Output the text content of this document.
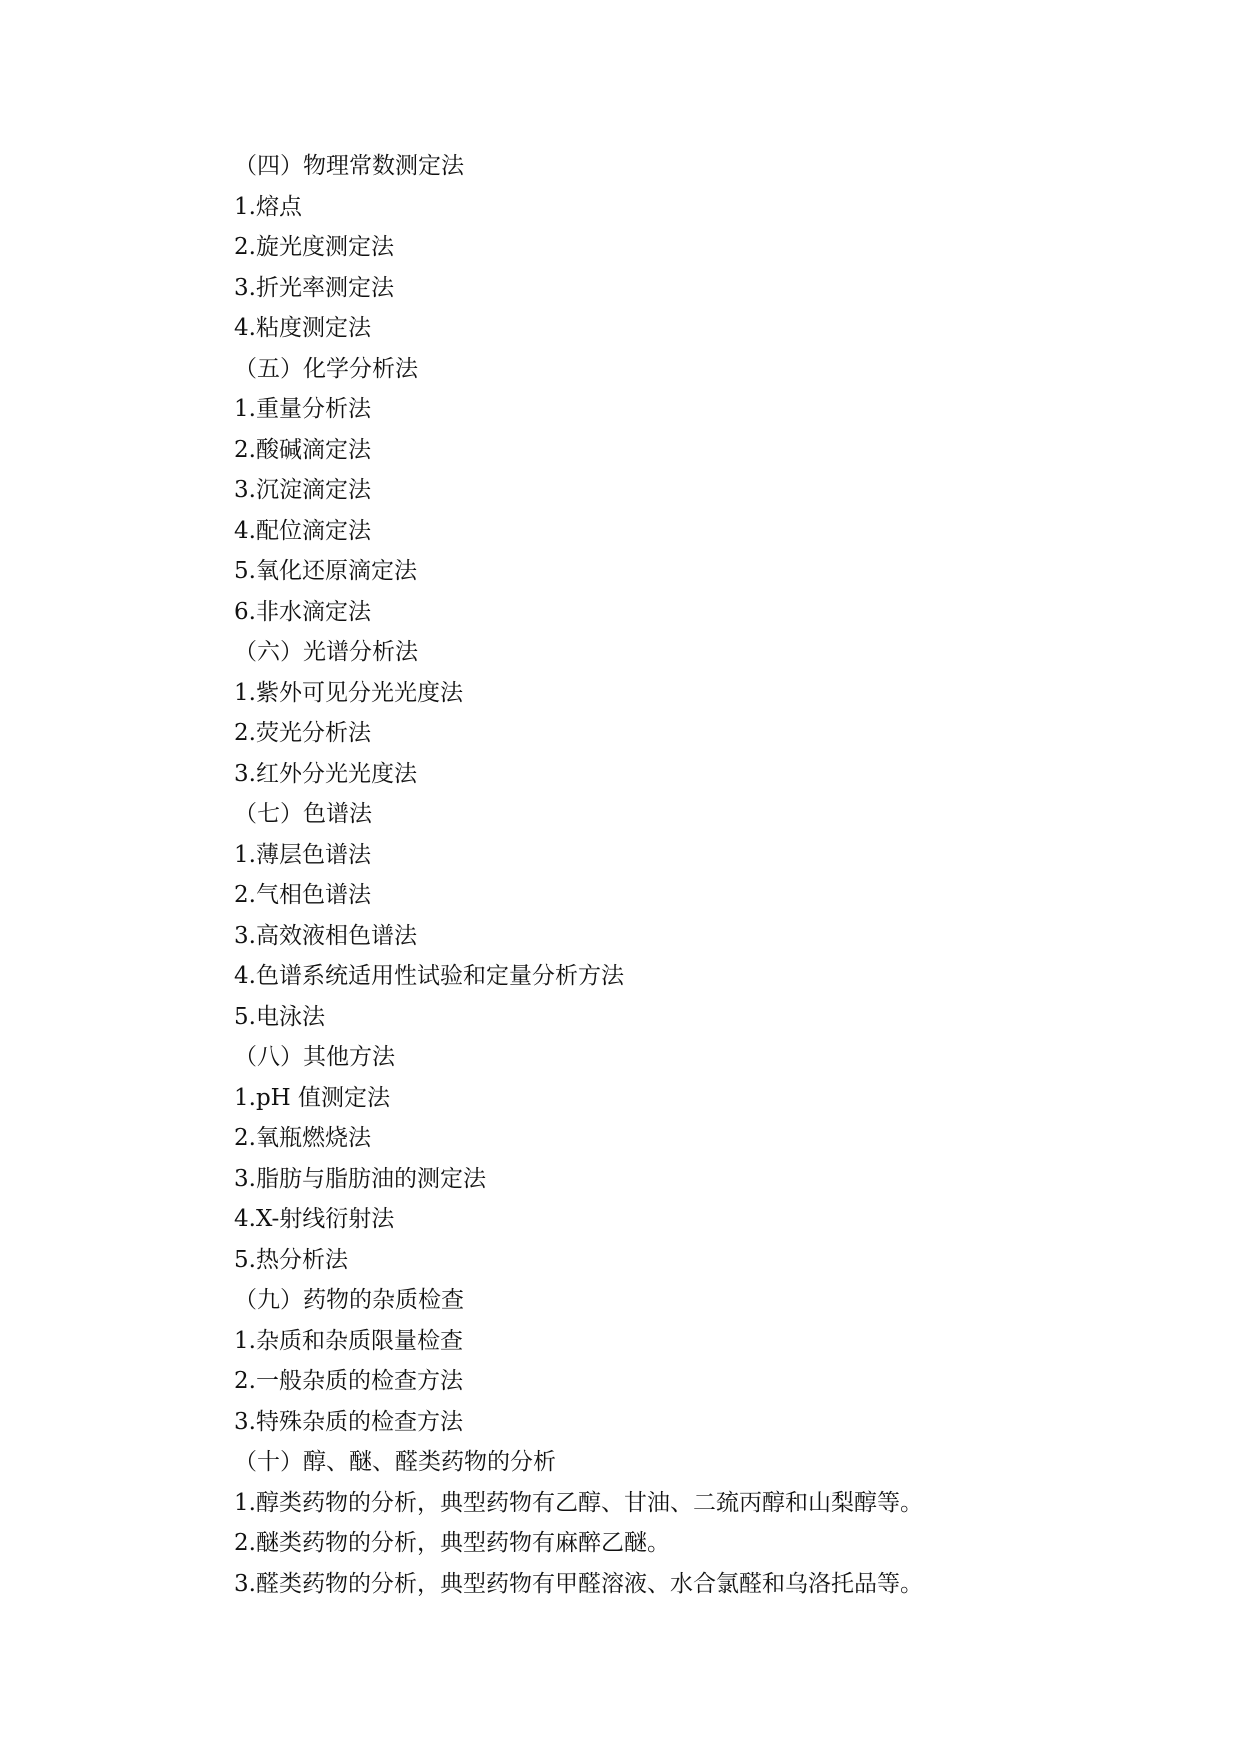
（四）物理常数测定法
1.熔点
2.旋光度测定法
3.折光率测定法
4.粘度测定法
（五）化学分析法
1.重量分析法
2.酸碱滴定法
3.沉淀滴定法
4.配位滴定法
5.氧化还原滴定法
6.非水滴定法
（六）光谱分析法
1.紫外可见分光光度法
2.荧光分析法
3.红外分光光度法
（七）色谱法
1.薄层色谱法
2.气相色谱法
3.高效液相色谱法
4.色谱系统适用性试验和定量分析方法
5.电泳法
（八）其他方法
1.pH 值测定法
2.氧瓶燃烧法
3.脂肪与脂肪油的测定法
4.X-射线衍射法
5.热分析法
（九）药物的杂质检查
1.杂质和杂质限量检查
2.一般杂质的检查方法
3.特殊杂质的检查方法
（十）醇、醚、醛类药物的分析
1.醇类药物的分析，典型药物有乙醇、甘油、二巯丙醇和山梨醇等。
2.醚类药物的分析，典型药物有麻醉乙醚。
3.醛类药物的分析，典型药物有甲醛溶液、水合氯醛和乌洛托品等。
